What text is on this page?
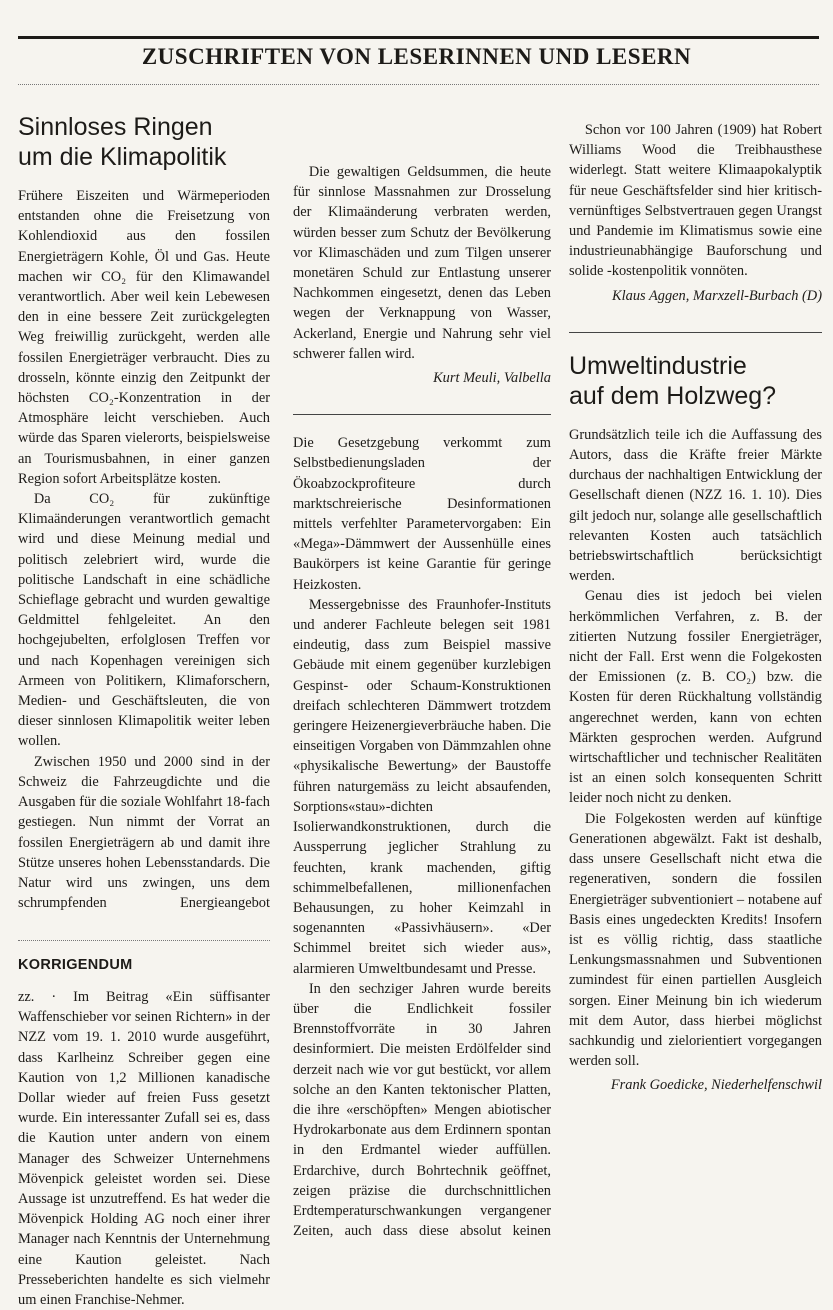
ZUSCHRIFTEN VON LESERINNEN UND LESERN
Sinnloses Ringen
um die Klimapolitik

Frühere Eiszeiten und Wärmeperioden entstanden ohne die Freisetzung von Kohlendioxid aus den fossilen Energieträgern Kohle, Öl und Gas. Heute machen wir CO₂ für den Klimawandel verantwortlich. Aber weil kein Lebewesen den in eine bessere Zeit zurückgelegten Weg freiwillig zurückgeht, werden alle fossilen Energieträger verbraucht. Dies zu drosseln, könnte einzig den Zeitpunkt der höchsten CO₂-Konzentration in der Atmosphäre leicht verschieben. Auch würde das Sparen vielerorts, beispielsweise an Tourismusbahnen, in einer ganzen Region sofort Arbeitsplätze kosten.

Da CO₂ für zukünftige Klimaänderungen verantwortlich gemacht wird und diese Meinung medial und politisch zelebriert wird, wurde die politische Landschaft in eine schädliche Schieflage gebracht und wurden gewaltige Geldmittel fehlgeleitet. An den hochgejubelten, erfolglosen Treffen vor und nach Kopenhagen vereinigen sich Armeen von Politikern, Klimaforschern, Medien- und Geschäftsleuten, die von dieser sinnlosen Klimapolitik weiter leben wollen.

Zwischen 1950 und 2000 sind in der Schweiz die Fahrzeugdichte und die Ausgaben für die soziale Wohlfahrt 18-fach gestiegen. Nun nimmt der Vorrat an fossilen Energieträgern ab und damit ihre Stütze unseres hohen Lebensstandards. Die Natur wird uns zwingen, uns dem schrumpfenden Energieangebot

KORRIGENDUM

zz. · Im Beitrag «Ein süffisanter Waffenschieber vor seinen Richtern» in der NZZ vom 19. 1. 2010 wurde ausgeführt, dass Karlheinz Schreiber gegen eine Kaution von 1,2 Millionen kanadische Dollar wieder auf freien Fuss gesetzt wurde. Ein interessanter Zufall sei es, dass die Kaution unter andern von einem Manager des Schweizer Unternehmens Mövenpick geleistet worden sei. Diese Aussage ist unzutreffend. Es hat weder die Mövenpick Holding AG noch einer ihrer Manager nach Kenntnis der Unternehmung eine Kaution geleistet. Nach Presseberichten handelte es sich vielmehr um einen Franchise-Nehmer.

Die gewaltigen Geldsummen, die heute für sinnlose Massnahmen zur Drosselung der Klimaänderung verbraten werden, würden besser zum Schutz der Bevölkerung vor Klimaschäden und zum Tilgen unserer monetären Schuld zur Entlastung unserer Nachkommen eingesetzt, denen das Leben wegen der Verknappung von Wasser, Ackerland, Energie und Nahrung sehr viel schwerer fallen wird.

Kurt Meuli, Valbella

Die Gesetzgebung verkommt zum Selbstbedienungsladen der Ökoabzockprofiteure durch marktschreierische Desinformationen mittels verfehlter Parametervorgaben: Ein «Mega»-Dämmwert der Aussenhülle eines Baukörpers ist keine Garantie für geringe Heizkosten.

Messergebnisse des Fraunhofer-Instituts und anderer Fachleute belegen seit 1981 eindeutig, dass zum Beispiel massive Gebäude mit einem gegenüber kurzlebigen Gespinst- oder Schaum-Konstruktionen dreifach schlechteren Dämmwert trotzdem geringere Heizenergieverbräuche haben. Die einseitigen Vorgaben von Dämmzahlen ohne «physikalische Bewertung» der Baustoffe führen naturgemäss zu leicht absaufenden, Sorptions«stau»-dichten Isolierwandkonstruktionen, durch die Aussperrung jeglicher Strahlung zu feuchten, krank machenden, giftig schimmelbefallenen, millionenfachen Behausungen, zu hoher Keimzahl in sogenannten «Passivhäusern». «Der Schimmel breitet sich wieder aus», alarmieren Umweltbundesamt und Presse.

In den sechziger Jahren wurde bereits über die Endlichkeit fossiler Brennstoffvorräte in 30 Jahren desinformiert. Die meisten Erdölfelder sind derzeit nach wie vor gut bestückt, vor allem solche an den Kanten tektonischer Platten, die ihre «erschöpften» Mengen abiotischer Hydrokarbonate aus dem Erdinnern spontan in den Erdmantel wieder auffüllen. Erdarchive, durch Bohrtechnik geöffnet, zeigen präzise die durchschnittlichen Erdtemperaturschwankungen vergangener Zeiten, auch dass diese absolut keinen

Schon vor 100 Jahren (1909) hat Robert Williams Wood die Treibhausthese widerlegt. Statt weitere Klimaapokalyptik für neue Geschäftsfelder sind hier kritisch-vernünftiges Selbstvertrauen gegen Urangst und Pandemie im Klimatismus sowie eine industrieunabhängige Bauforschung und solide -kostenpolitik vonnöten.

Klaus Aggen, Marxzell-Burbach (D)
Umweltindustrie
auf dem Holzweg?

Grundsätzlich teile ich die Auffassung des Autors, dass die Kräfte freier Märkte durchaus der nachhaltigen Entwicklung der Gesellschaft dienen (NZZ 16. 1. 10). Dies gilt jedoch nur, solange alle gesellschaftlich relevanten Kosten auch tatsächlich betriebswirtschaftlich berücksichtigt werden.

Genau dies ist jedoch bei vielen herkömmlichen Verfahren, z. B. der zitierten Nutzung fossiler Energieträger, nicht der Fall. Erst wenn die Folgekosten der Emissionen (z. B. CO₂) bzw. die Kosten für deren Rückhaltung vollständig angerechnet werden, kann von echten Märkten gesprochen werden. Aufgrund wirtschaftlicher und technischer Realitäten ist an einen solch konsequenten Schritt leider noch nicht zu denken.

Die Folgekosten werden auf künftige Generationen abgewälzt. Fakt ist deshalb, dass unsere Gesellschaft nicht etwa die regenerativen, sondern die fossilen Energieträger subventioniert – notabene auf Basis eines ungedeckten Kredits! Insofern ist es völlig richtig, dass staatliche Lenkungsmassnahmen und Subventionen zumindest für einen partiellen Ausgleich sorgen. Einer Meinung bin ich wiederum mit dem Autor, dass hierbei möglichst sachkundig und zielorientiert vorgegangen werden soll.

Frank Goedicke, Niederhelfenschwil
